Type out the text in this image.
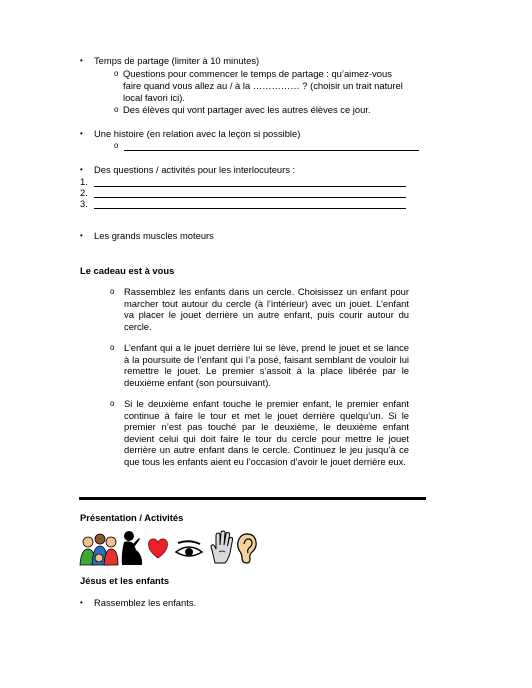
• Temps de partage (limiter à 10 minutes)
o Questions pour commencer le temps de partage : qu’aimez-vous
faire quand vous allez au / à la …………… ? (choisir un trait naturel
local favori ici).
o Des élèves qui vont partager avec les autres élèves ce jour.
• Une histoire (en relation avec la leçon si possible)
o
• Des questions / activités pour les interlocuteurs :
1.
2.
3.
• Les grands muscles moteurs
Le cadeau est à vous
o Rassemblez les enfants dans un cercle. Choisissez un enfant pour
marcher tout autour du cercle (à l’intérieur) avec un jouet. L’enfant
va placer le jouet derrière un autre enfant, puis courir autour du
cercle.
o L’enfant qui a le jouet derrière lui se lève, prend le jouet et se lance
à la poursuite de l’enfant qui l’a posé, faisant semblant de vouloir lui
remettre le jouet. Le premier s’assoit à la place libérée par le
deuxième enfant (son poursuivant).
o Si le deuxième enfant touche le premier enfant, le premier enfant
continue à faire le tour et met le jouet derrière quelqu’un. Si le
premier n’est pas touché par le deuxième, le deuxième enfant
devient celui qui doit faire le tour du cercle pour mettre le jouet
derrière un autre enfant dans le cercle. Continuez le jeu jusqu’à ce
que tous les enfants aient eu l’occasion d’avoir le jouet derrière eux.
Présentation / Activités
Jésus et les enfants
• Rassemblez les enfants.
